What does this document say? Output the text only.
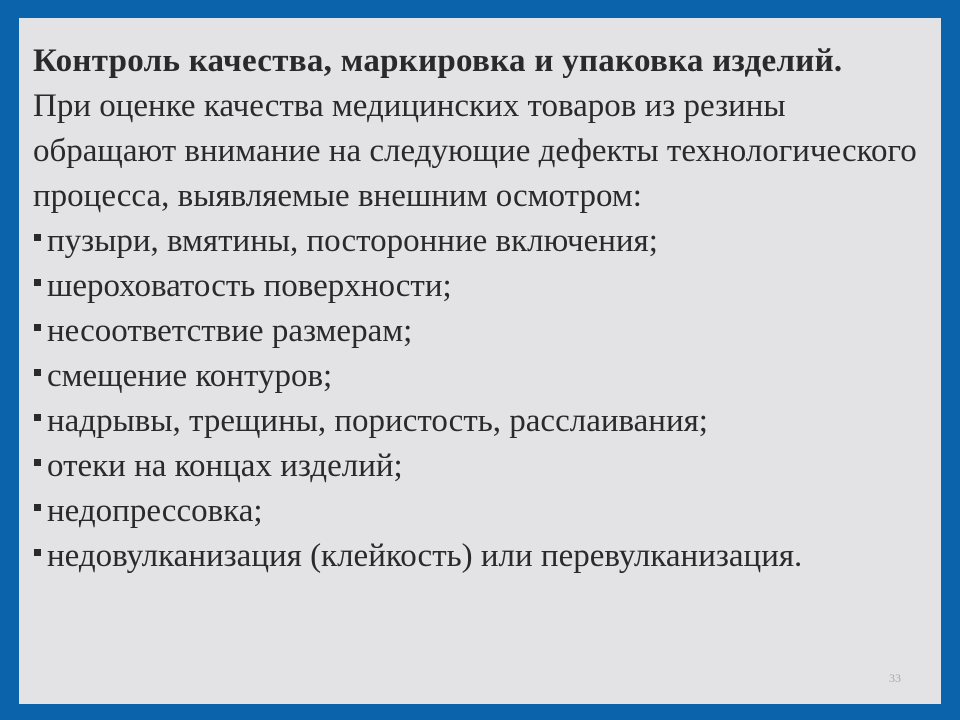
Контроль качества, маркировка и упаковка изделий.

При оценке качества медицинских товаров из резины обращают внимание на следующие дефекты технологического процесса, выявляемые внешним осмотром:

пузыри, вмятины, посторонние включения;
шероховатость поверхности;
несоответствие размерам;
смещение контуров;
надрывы, трещины, пористость, расслаивания;
отеки на концах изделий;
недопрессовка;
недовулканизация (клейкость) или перевулканизация.
33
